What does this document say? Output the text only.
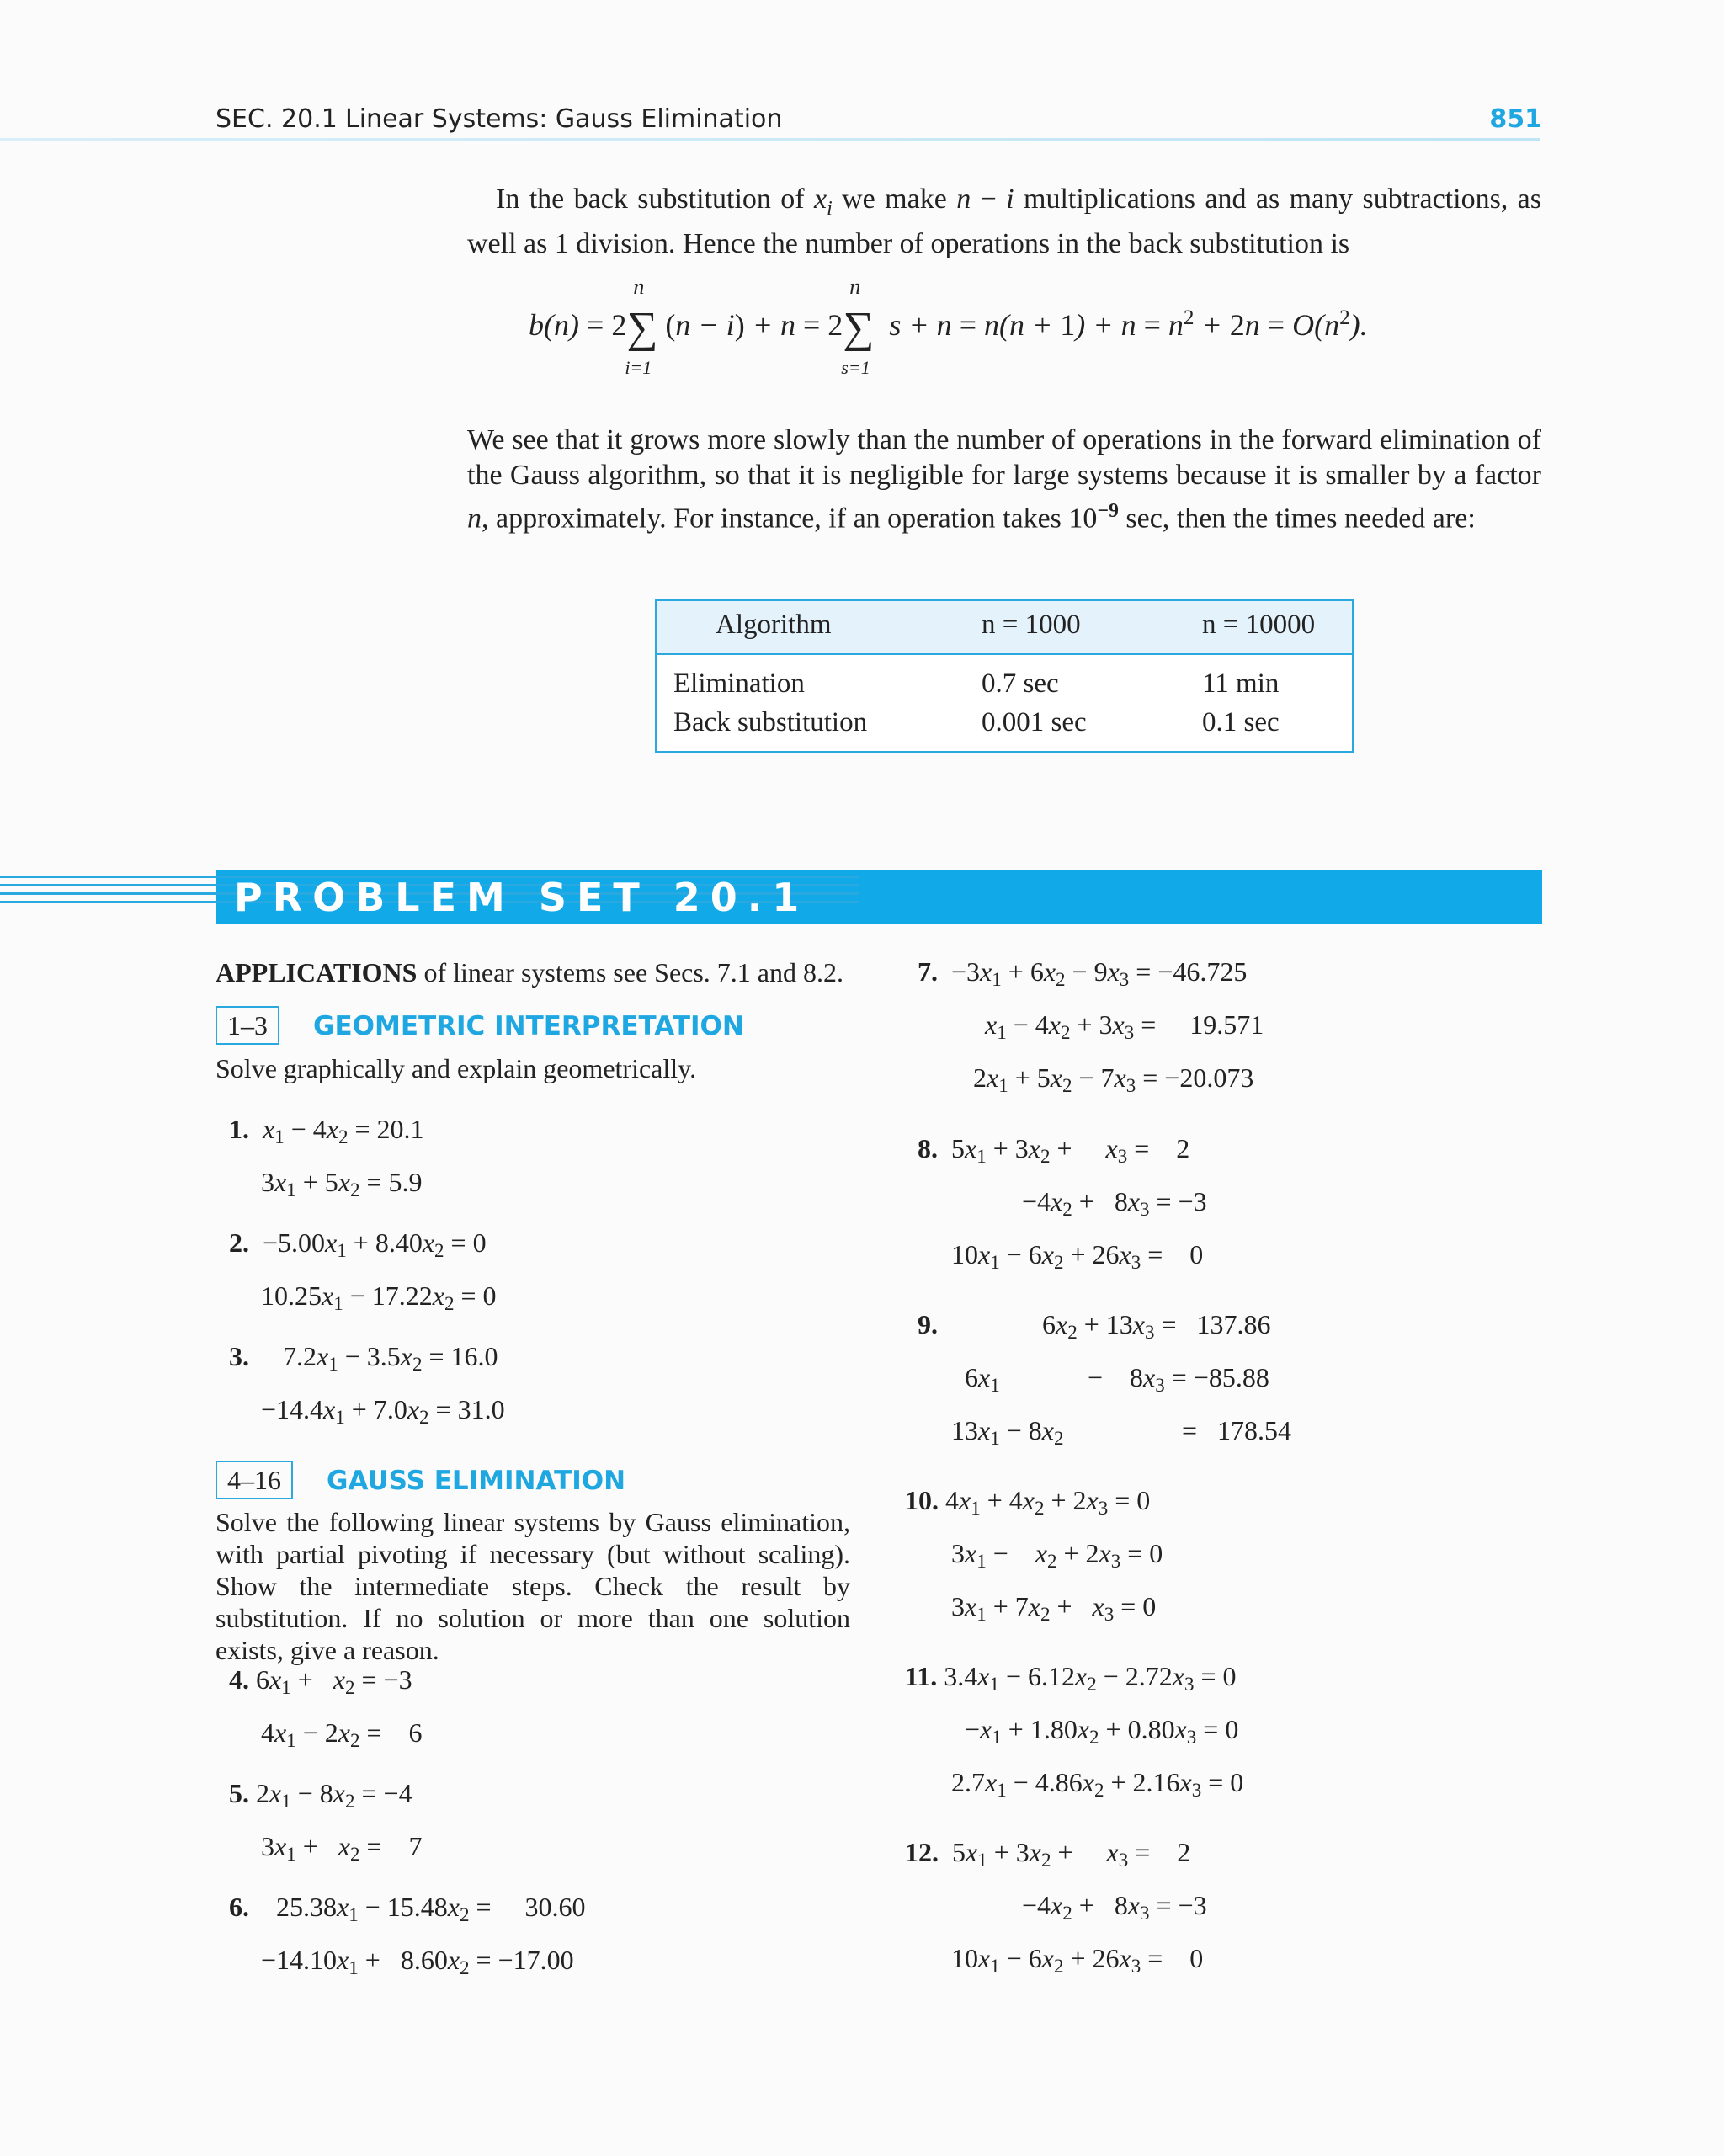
SEC. 20.1 Linear Systems: Gauss Elimination	851

In the back substitution of $x_i$ we make n − i multiplications and as many subtractions, as well as 1 division. Hence the number of operations in the back substitution is

b(n) = 2∑
n
i=1
(n − i) + n = 2∑
n
s=1
$s + n = n(n + 1) + n = n^2 + 2n = O(n^2)$.

We see that it grows more slowly than the number of operations in the forward elimination of the Gauss algorithm, so that it is negligible for large systems because it is smaller by a factor n, approximately. For instance, if an operation takes $10^{-9}$ sec, then the times needed are:

Algorithm	n = 1000	n = 10000
Elimination	0.7 sec	11 min
Back substitution	0.001 sec	0.1 sec
PROBLEM SET 20.1
APPLICATIONS of linear systems see Secs. 7.1 and 8.2.
1–3 GEOMETRIC INTERPRETATION
Solve graphically and explain geometrically.
1. $x_1 - 4x_2 = 20.1$
$3x_1 + 5x_2 = 5.9$
2.  $-5.00x_1 + 8.40x_2 = 0$
$10.25x_1 - 17.22x_2 = 0$
3.     $7.2x_1 - 3.5x_2 = 16.0$
$-14.4x_1 + 7.0x_2 = 31.0$
4–16 GAUSS ELIMINATION
Solve the following linear systems by Gauss elimination, with partial pivoting if necessary (but without scaling). Show the intermediate steps. Check the result by substitution. If no solution or more than one solution exists, give a reason.
4. $6x_1 + x_2 = -3$
$4x_1 - 2x_2$ =    6
5. $2x_1 - 8x_2 = -4$
$3x_1 + x_2$ =    7
6.    $25.38x_1 - 15.48x_2$ =     30.60
$-14.10x_1 + 8.60x_2 = -17.00$
7.  $-3x_1 + 6x_2 - 9x_3 = -46.725$
$x_1 - 4x_2 + 3x_3$ =     19.571
$2x_1 + 5x_2 - 7x_3 = -20.073$
8.  $5x_1 + 3x_2$ +     $x_3$ =    2
$-4x_2 + 8x_3 = -3$
$10x_1 - 6x_2 + 26x_3$ =    0
9.	$6x_2 + 13x_3 = 137.86$
$6x_1$	−    $8x_3 = -85.88$
$13x_1 - 8x_2$	=   178.54
10. $4x_1 + 4x_2 + 2x_3 = 0$
$3x_1$ −    $x_2 + 2x_3 = 0$
$3x_1 + 7x_2 + x_3 = 0$
11. $3.4x_1 - 6.12x_2 - 2.72x_3 = 0$
$-x_1 + 1.80x_2 + 0.80x_3 = 0$
$2.7x_1 - 4.86x_2 + 2.16x_3 = 0$
12.  $5x_1 + 3x_2$ +     $x_3$ =    2
$-4x_2 + 8x_3 = -3$
$10x_1 - 6x_2 + 26x_3$ =    0
